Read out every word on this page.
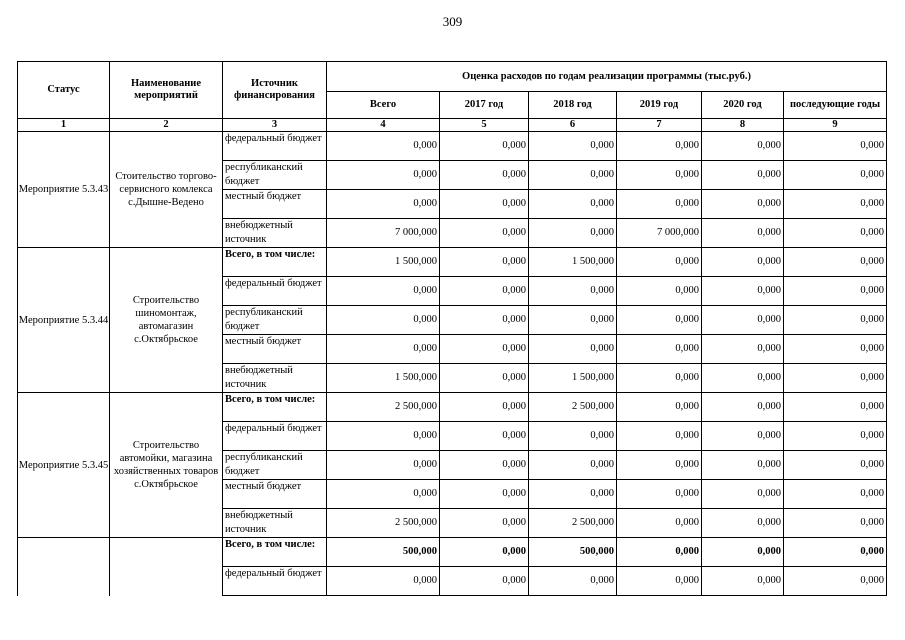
309
Статус	Наименование мероприятий	Источник финансирования	Оценка расходов по годам реализации программы (тыс.руб.)					
			Всего	2017 год	2018 год	2019 год	2020 год	последующие годы
1	2	3	4	5	6	7	8	9
Мероприятие 5.3.43	Стоительство торгово-сервисного комлекса с.Дышне-Ведено	федеральный бюджет	0,000	0,000	0,000	0,000	0,000	0,000
		республиканский бюджет	0,000	0,000	0,000	0,000	0,000	0,000
		местный бюджет	0,000	0,000	0,000	0,000	0,000	0,000
		внебюджетный источник	7 000,000	0,000	0,000	7 000,000	0,000	0,000
Мероприятие 5.3.44	Строительство шиномонтаж, автомагазин с.Октябрьское	Всего, в том числе:	1 500,000	0,000	1 500,000	0,000	0,000	0,000
		федеральный бюджет	0,000	0,000	0,000	0,000	0,000	0,000
		республиканский бюджет	0,000	0,000	0,000	0,000	0,000	0,000
		местный бюджет	0,000	0,000	0,000	0,000	0,000	0,000
		внебюджетный источник	1 500,000	0,000	1 500,000	0,000	0,000	0,000
Мероприятие 5.3.45	Строительство автомойки, магазина хозяйственных товаров с.Октябрьское	Всего, в том числе:	2 500,000	0,000	2 500,000	0,000	0,000	0,000
		федеральный бюджет	0,000	0,000	0,000	0,000	0,000	0,000
		республиканский бюджет	0,000	0,000	0,000	0,000	0,000	0,000
		местный бюджет	0,000	0,000	0,000	0,000	0,000	0,000
		внебюджетный источник	2 500,000	0,000	2 500,000	0,000	0,000	0,000
		Всего, в том числе:	500,000	0,000	500,000	0,000	0,000	0,000
		федеральный бюджет	0,000	0,000	0,000	0,000	0,000	0,000
